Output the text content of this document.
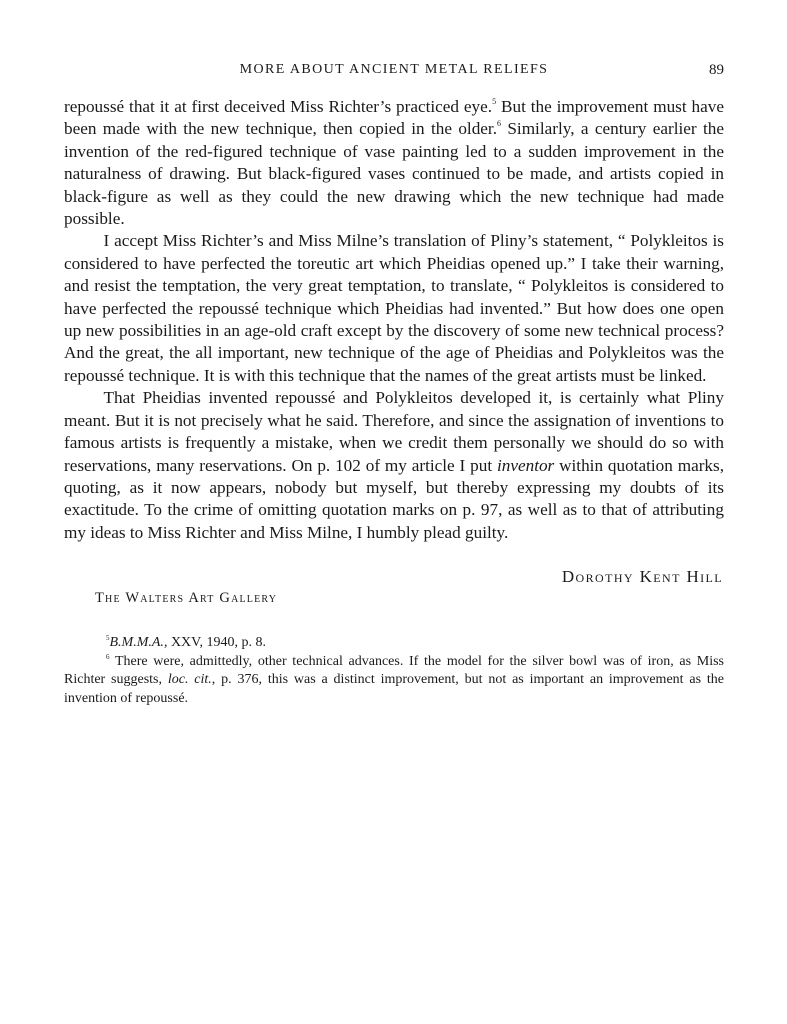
MORE ABOUT ANCIENT METAL RELIEFS	89

repoussé that it at first deceived Miss Richter’s practiced eye.$^5$ But the improvement must have been made with the new technique, then copied in the older.$^6$ Similarly, a century earlier the invention of the red-figured technique of vase painting led to a sudden improvement in the naturalness of drawing. But black-figured vases continued to be made, and artists copied in black-figure as well as they could the new drawing which the new technique had made possible.

I accept Miss Richter’s and Miss Milne’s translation of Pliny’s statement, “ Polykleitos is considered to have perfected the toreutic art which Pheidias opened up.” I take their warning, and resist the temptation, the very great temptation, to translate, “ Polykleitos is considered to have perfected the repoussé technique which Pheidias had invented.” But how does one open up new possibilities in an age-old craft except by the discovery of some new technical process? And the great, the all important, new technique of the age of Pheidias and Polykleitos was the repoussé technique. It is with this technique that the names of the great artists must be linked.

That Pheidias invented repoussé and Polykleitos developed it, is certainly what Pliny meant. But it is not precisely what he said. Therefore, and since the assignation of inventions to famous artists is frequently a mistake, when we credit them personally we should do so with reservations, many reservations. On p. 102 of my article I put inventor within quotation marks, quoting, as it now appears, nobody but myself, but thereby expressing my doubts of its exactitude. To the crime of omitting quotation marks on p. 97, as well as to that of attributing my ideas to Miss Richter and Miss Milne, I humbly plead guilty.

Dorothy Kent Hill
The Walters Art Gallery

$^5$B.M.M.A., XXV, 1940, p. 8.

$^6$ There were, admittedly, other technical advances. If the model for the silver bowl was of iron, as Miss Richter suggests, loc. cit., p. 376, this was a distinct improvement, but not as important an improvement as the invention of repoussé.
